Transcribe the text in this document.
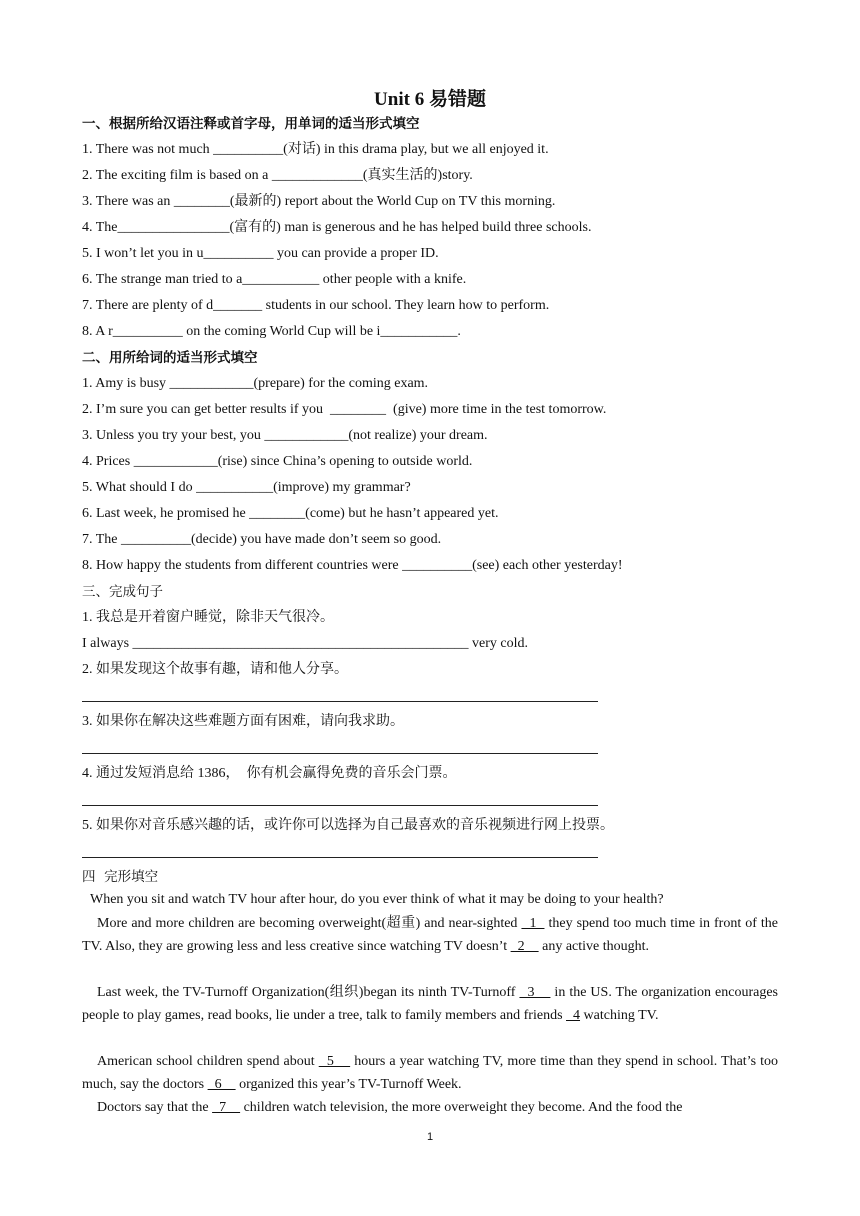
Unit 6 易错题
一、根据所给汉语注释或首字母，用单词的适当形式填空
1. There was not much __________(对话) in this drama play, but we all enjoyed it.
2. The exciting film is based on a _____________(真实生活的)story.
3. There was an ________(最新的) report about the World Cup on TV this morning.
4. The________________(富有的) man is generous and he has helped build three schools.
5. I won’t let you in u__________ you can provide a proper ID.
6. The strange man tried to a___________ other people with a knife.
7. There are plenty of d_______ students in our school. They learn how to perform.
8. A r__________ on the coming World Cup will be i___________.
二、用所给词的适当形式填空
1. Amy is busy ____________(prepare) for the coming exam.
2. I’m sure you can get better results if you  ________  (give) more time in the test tomorrow.
3. Unless you try your best, you ____________(not realize) your dream.
4. Prices ____________(rise) since China’s opening to outside world.
5. What should I do ___________(improve) my grammar?
6. Last week, he promised he ________(come) but he hasn’t appeared yet.
7. The __________(decide) you have made don’t seem so good.
8. How happy the students from different countries were __________(see) each other yesterday!
三、完成句子
1. 我总是开着窗户睡觉，除非天气很冷。
I always ________________________________________________ very cold.
2. 如果发现这个故事有趣，请和他人分享。
3. 如果你在解决这些难题方面有困难，请向我求助。
4. 通过发短消息给 1386，  你有机会赢得免费的音乐会门票。
5. 如果你对音乐感兴趣的话，或许你可以选择为自己最喜欢的音乐视频进行网上投票。
四  完形填空
When you sit and watch TV hour after hour, do you ever think of what it may be doing to your health?
More and more children are becoming overweight(超重) and near-sighted   1   they spend too much time in front of the TV. Also, they are growing less and less creative since watching TV doesn’t   2     any active thought.
Last week, the TV-Turnoff Organization(组织)began its ninth TV-Turnoff   3     in the US. The organization encourages people to play games, read books, lie under a tree, talk to family members and friends   4 watching TV.
American school children spend about   5     hours a year watching TV, more time than they spend in school. That’s too much, say the doctors   6     organized this year’s TV-Turnoff Week.
Doctors say that the   7     children watch television, the more overweight they become. And the food the
1
